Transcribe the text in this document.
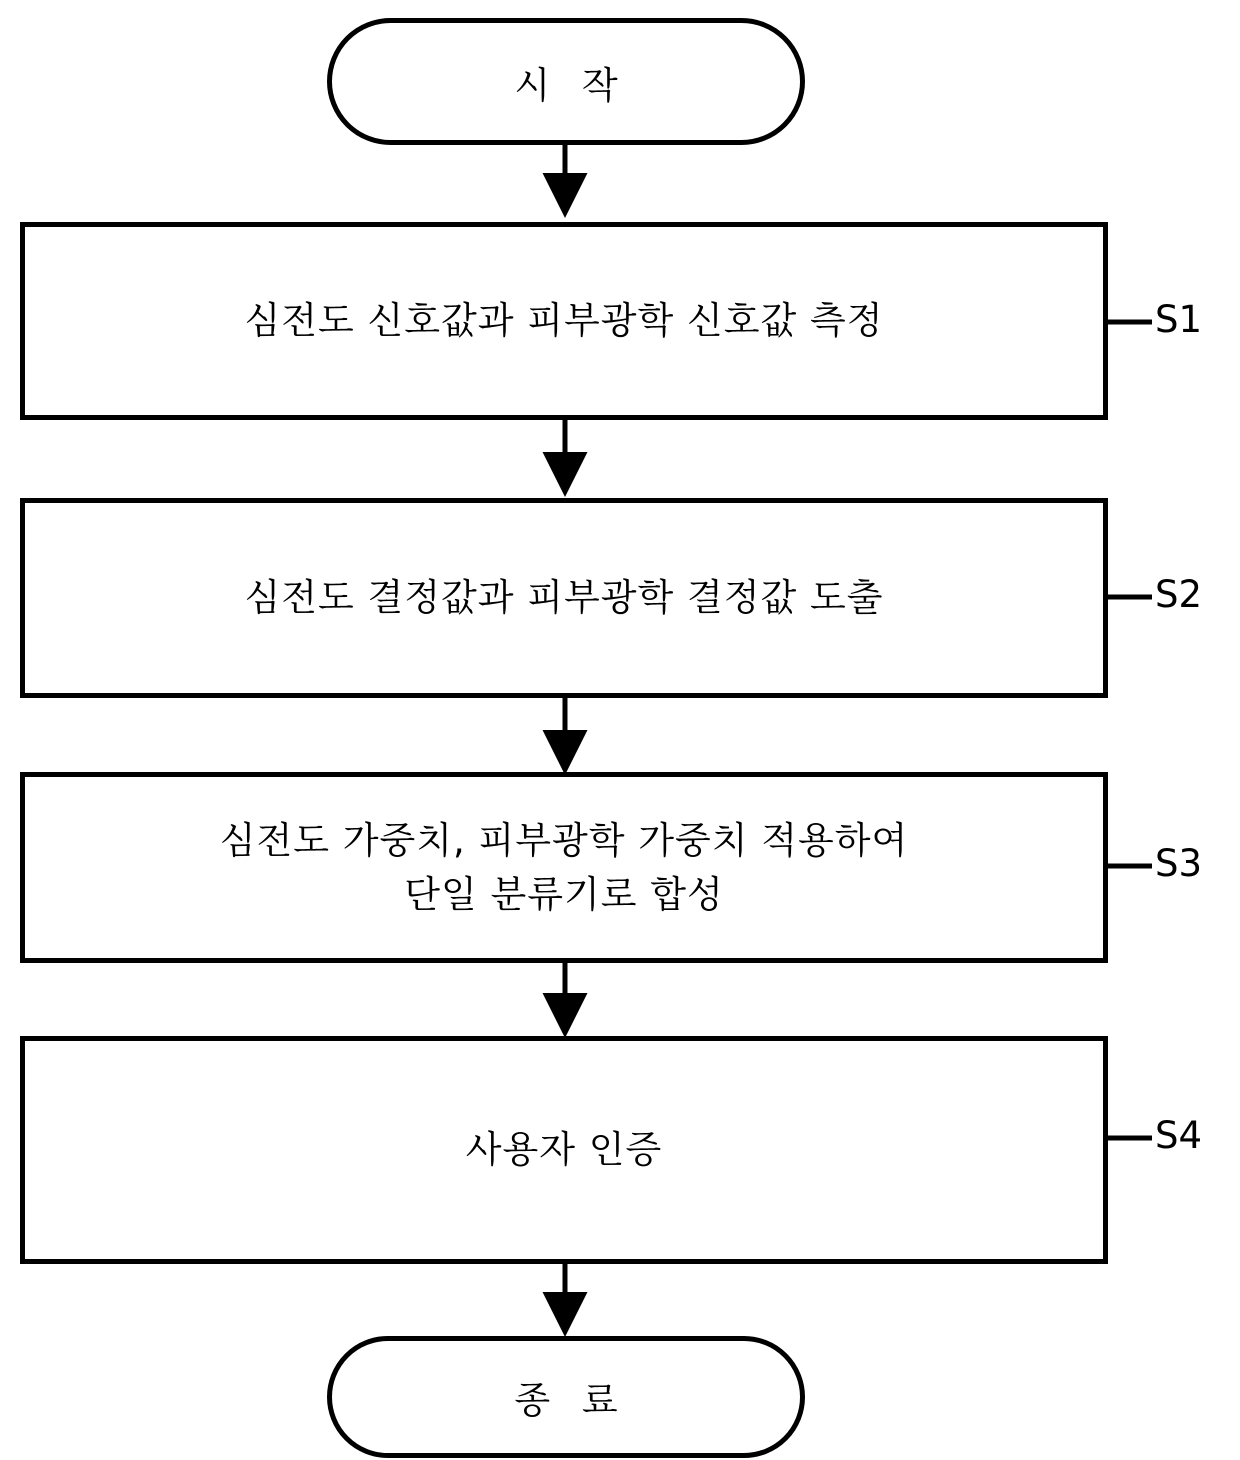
시 작
심전도 신호값과 피부광학 신호값 측정	S1
심전도 결정값과 피부광학 결정값 도출	S2
심전도 가중치, 피부광학 가중치 적용하여
단일 분류기로 합성
S3
사용자 인증	S4
종 료
